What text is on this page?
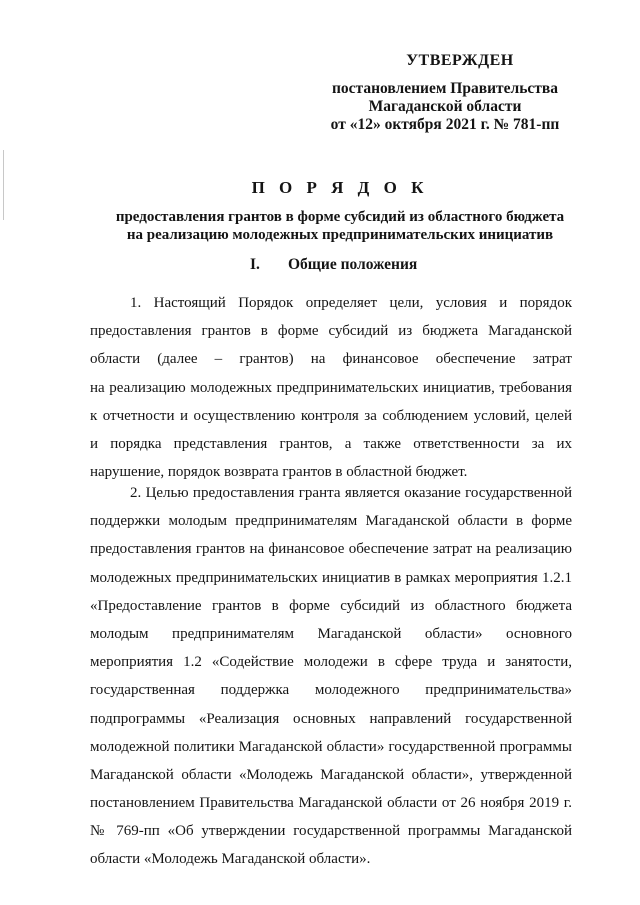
УТВЕРЖДЕН
постановлением Правительства
Магаданской области
от «12» октября 2021 г. № 781-пп
П О Р Я Д О К
предоставления грантов в форме субсидий из областного бюджета
на реализацию молодежных предпринимательских инициатив
I. Общие положения
1. Настоящий Порядок определяет цели, условия и порядок
предоставления грантов в форме субсидий из бюджета Магаданской
области (далее – грантов) на финансовое обеспечение затрат
на реализацию молодежных предпринимательских инициатив, требования
к отчетности и осуществлению контроля за соблюдением условий, целей
и порядка представления грантов, а также ответственности за их
нарушение, порядок возврата грантов в областной бюджет.
2. Целью предоставления гранта является оказание государственной
поддержки молодым предпринимателям Магаданской области в форме
предоставления грантов на финансовое обеспечение затрат на реализацию
молодежных предпринимательских инициатив в рамках мероприятия 1.2.1
«Предоставление грантов в форме субсидий из областного бюджета
молодым предпринимателям Магаданской области» основного
мероприятия 1.2 «Содействие молодежи в сфере труда и занятости,
государственная поддержка молодежного предпринимательства»
подпрограммы «Реализация основных направлений государственной
молодежной политики Магаданской области» государственной программы
Магаданской области «Молодежь Магаданской области», утвержденной
постановлением Правительства Магаданской области от 26 ноября 2019 г.
№ 769-пп «Об утверждении государственной программы Магаданской
области «Молодежь Магаданской области».
